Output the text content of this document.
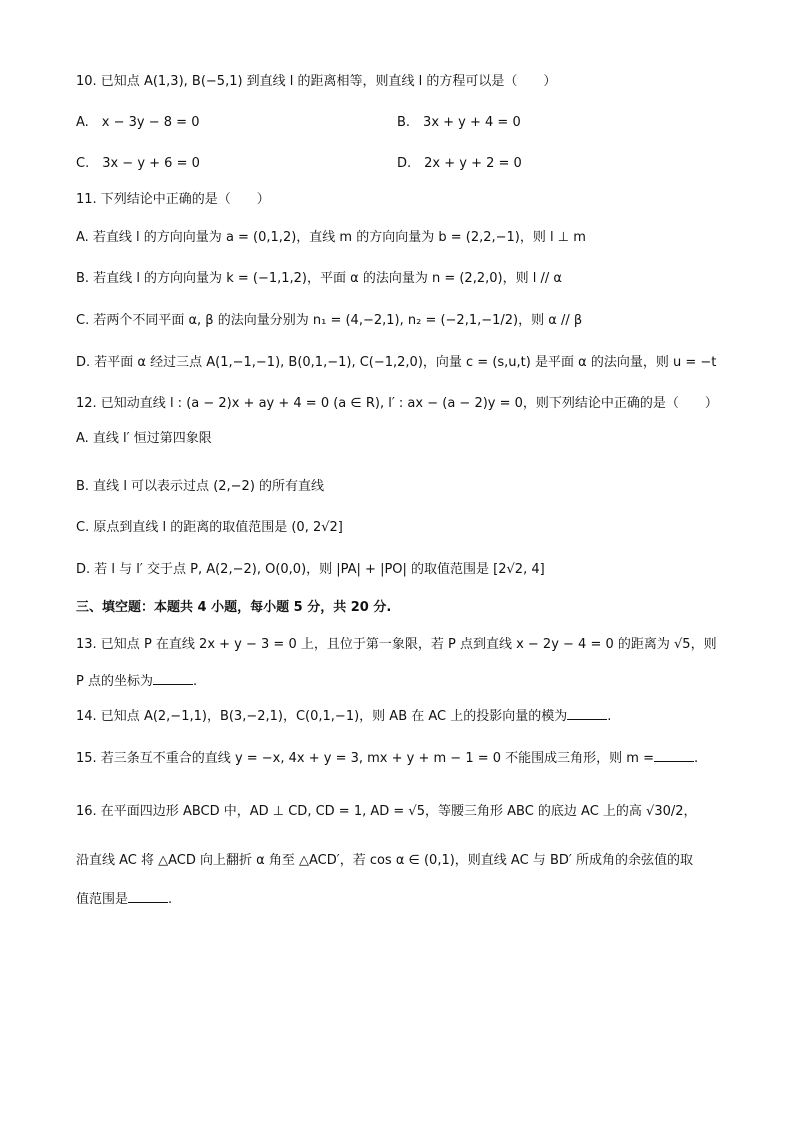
10. 已知点 A(1,3), B(−5,1) 到直线 l 的距离相等，则直线 l 的方程可以是（　　）
A.　x − 3y − 8 = 0	B.　3x + y + 4 = 0
C.　3x − y + 6 = 0	D.　2x + y + 2 = 0
11. 下列结论中正确的是（　　）
A. 若直线 l 的方向向量为 a = (0,1,2)，直线 m 的方向向量为 b = (2,2,−1)，则 l ⊥ m
B. 若直线 l 的方向向量为 k = (−1,1,2)，平面 α 的法向量为 n = (2,2,0)，则 l // α
C. 若两个不同平面 α, β 的法向量分别为 n₁ = (4,−2,1), n₂ = (−2,1,−1/2)，则 α // β
D. 若平面 α 经过三点 A(1,−1,−1), B(0,1,−1), C(−1,2,0)，向量 c = (s,u,t) 是平面 α 的法向量，则 u = −t
12. 已知动直线 l : (a − 2)x + ay + 4 = 0 (a ∈ R), l′ : ax − (a − 2)y = 0，则下列结论中正确的是（　　）
A. 直线 l′ 恒过第四象限
B. 直线 l 可以表示过点 (2,−2) 的所有直线
C. 原点到直线 l 的距离的取值范围是 (0, 2√2]
D. 若 l 与 l′ 交于点 P, A(2,−2), O(0,0)，则 |PA| + |PO| 的取值范围是 [2√2, 4]
三、填空题：本题共 4 小题，每小题 5 分，共 20 分.
13. 已知点 P 在直线 2x + y − 3 = 0 上，且位于第一象限，若 P 点到直线 x − 2y − 4 = 0 的距离为 √5，则
P 点的坐标为	.
14. 已知点 A(2,−1,1)，B(3,−2,1)，C(0,1,−1)，则 AB 在 AC 上的投影向量的模为	.
15. 若三条互不重合的直线 y = −x, 4x + y = 3, mx + y + m − 1 = 0 不能围成三角形，则 m =	.
16. 在平面四边形 ABCD 中，AD ⊥ CD, CD = 1, AD = √5，等腰三角形 ABC 的底边 AC 上的高 √30/2，
沿直线 AC 将 △ACD 向上翻折 α 角至 △ACD′，若 cos α ∈ (0,1)，则直线 AC 与 BD′ 所成角的余弦值的取
值范围是	.
